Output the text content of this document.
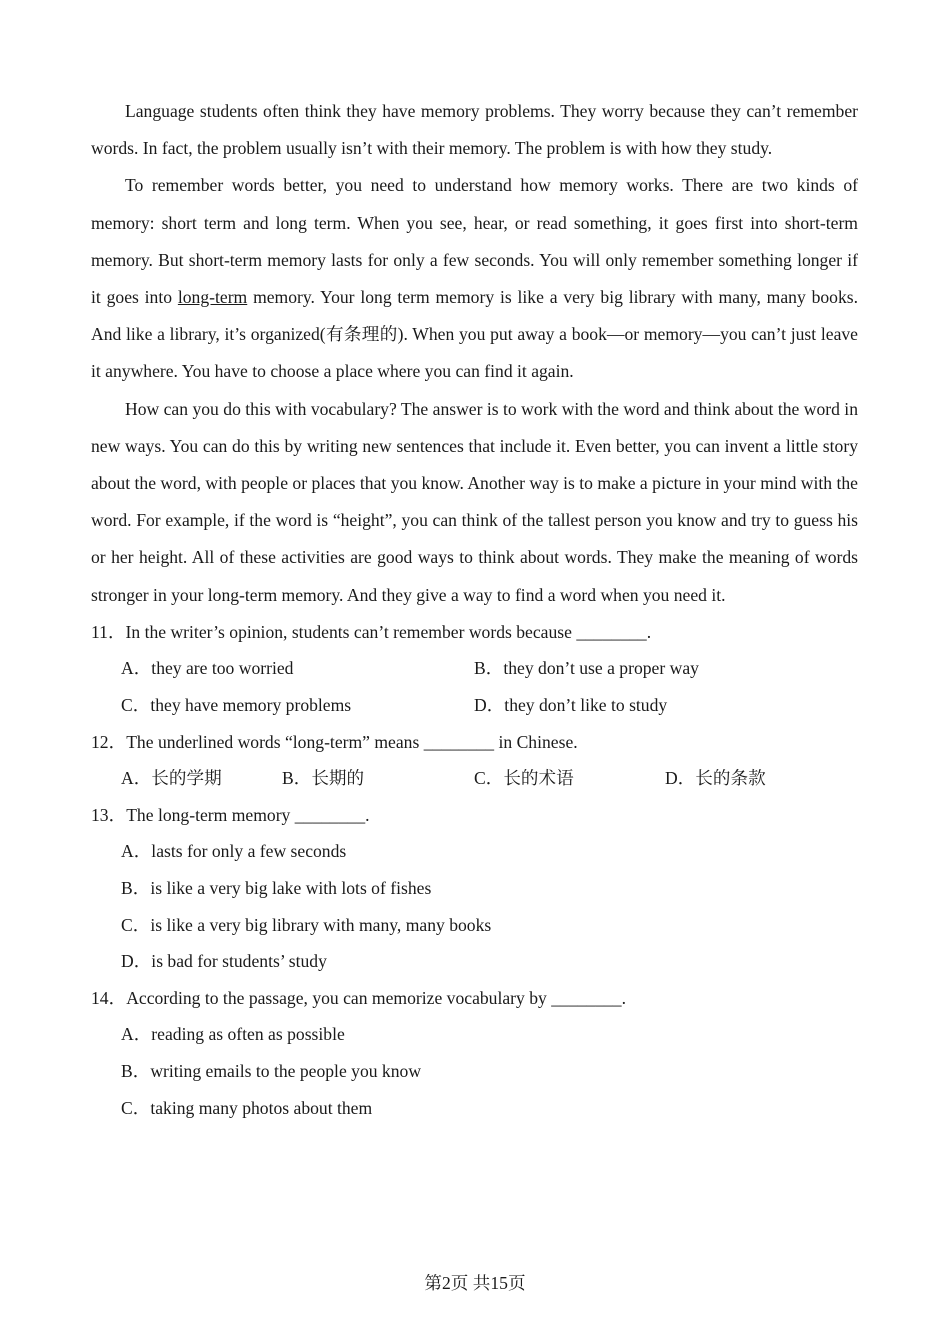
Language students often think they have memory problems. They worry because they can’t remember words. In fact, the problem usually isn’t with their memory. The problem is with how they study.

To remember words better, you need to understand how memory works. There are two kinds of memory: short term and long term. When you see, hear, or read something, it goes first into short-term memory. But short-term memory lasts for only a few seconds. You will only remember something longer if it goes into long-term memory. Your long term memory is like a very big library with many, many books. And like a library, it’s organized(有条理的). When you put away a book—or memory—you can’t just leave it anywhere. You have to choose a place where you can find it again.

How can you do this with vocabulary? The answer is to work with the word and think about the word in new ways. You can do this by writing new sentences that include it. Even better, you can invent a little story about the word, with people or places that you know. Another way is to make a picture in your mind with the word. For example, if the word is “height”, you can think of the tallest person you know and try to guess his or her height. All of these activities are good ways to think about words. They make the meaning of words stronger in your long-term memory. And they give a way to find a word when you need it.

11．In the writer’s opinion, students can’t remember words because ________.

A．they are too worried	B．they don’t use a proper way
C．they have memory problems	D．they don’t like to study

12．The underlined words “long-term” means ________ in Chinese.

A．长的学期	B．长期的	C．长的术语	D．长的条款

13．The long-term memory ________.

A．lasts for only a few seconds
B．is like a very big lake with lots of fishes
C．is like a very big library with many, many books
D．is bad for students’ study

14．According to the passage, you can memorize vocabulary by ________.

A．reading as often as possible
B．writing emails to the people you know
C．taking many photos about them
第2页 共15页
